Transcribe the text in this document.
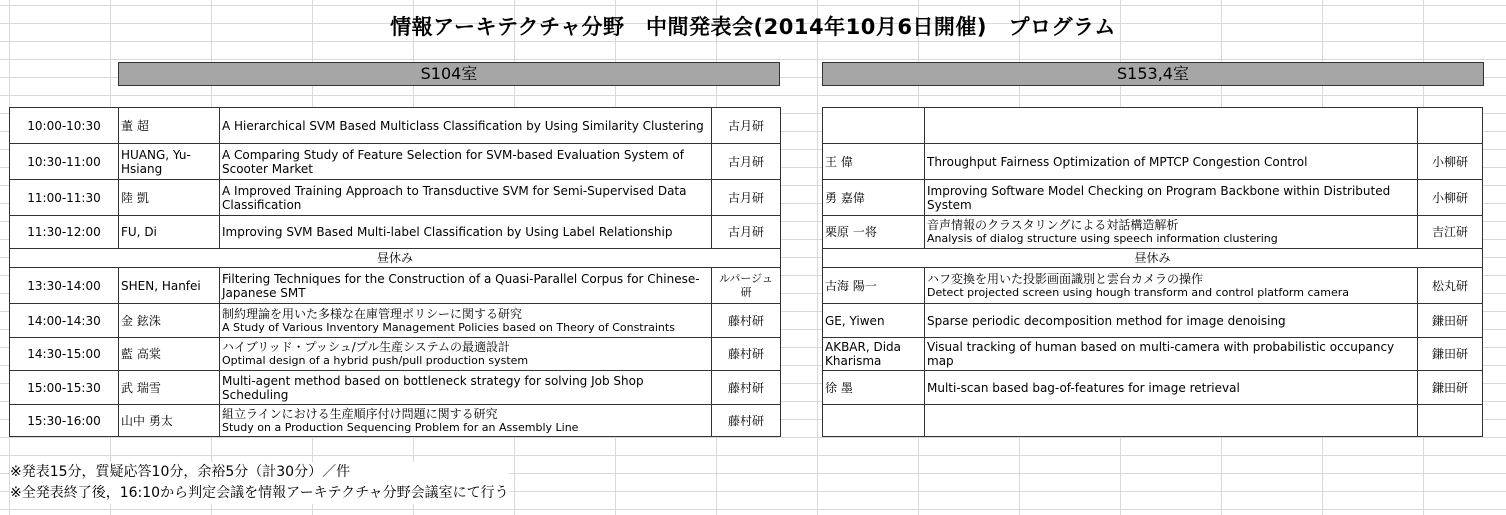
情報アーキテクチャ分野　中間発表会(2014年10月6日開催)　プログラム
S104室	S153,4室
10:00-10:30	董 超	A Hierarchical SVM Based Multiclass Classification by Using Similarity Clustering	古月研
10:30-11:00	HUANG, Yu-Hsiang	A Comparing Study of Feature Selection for SVM-based Evaluation System of Scooter Market	古月研
11:00-11:30	陸 凱	A Improved Training Approach to Transductive SVM for Semi-Supervised Data Classification	古月研
11:30-12:00	FU, Di	Improving SVM Based Multi-label Classification by Using Label Relationship	古月研
昼休み			
13:30-14:00	SHEN, Hanfei	Filtering Techniques for the Construction of a Quasi-Parallel Corpus for Chinese-Japanese SMT	ルパージュ研
14:00-14:30	金 鉉洙	制約理論を用いた多様な在庫管理ポリシーに関する研究
A Study of Various Inventory Management Policies based on Theory of Constraints	藤村研
14:30-15:00	藍 高棠	ハイブリッド・プッシュ/プル生産システムの最適設計
Optimal design of a hybrid push/pull production system	藤村研
15:00-15:30	武 瑞雪	Multi-agent method based on bottleneck strategy for solving Job Shop Scheduling	藤村研
15:30-16:00	山中 勇太	組立ラインにおける生産順序付け問題に関する研究
Study on a Production Sequencing Problem for an Assembly Line	藤村研

王 偉	Throughput Fairness Optimization of MPTCP Congestion Control	小柳研
勇 嘉偉	Improving Software Model Checking on Program Backbone within Distributed System	小柳研
栗原 一将	音声情報のクラスタリングによる対話構造解析
Analysis of dialog structure using speech information clustering	吉江研
昼休み		
古海 陽一	ハフ変換を用いた投影画面識別と雲台カメラの操作
Detect projected screen using hough transform and control platform camera	松丸研
GE, Yiwen	Sparse periodic decomposition method for image denoising	鎌田研
AKBAR, Dida Kharisma	Visual tracking of human based on multi-camera with probabilistic occupancy map	鎌田研
徐 墨	Multi-scan based bag-of-features for image retrieval	鎌田研

※発表15分，質疑応答10分，余裕5分（計30分）／件
※全発表終了後，16:10から判定会議を情報アーキテクチャ分野会議室にて行う
